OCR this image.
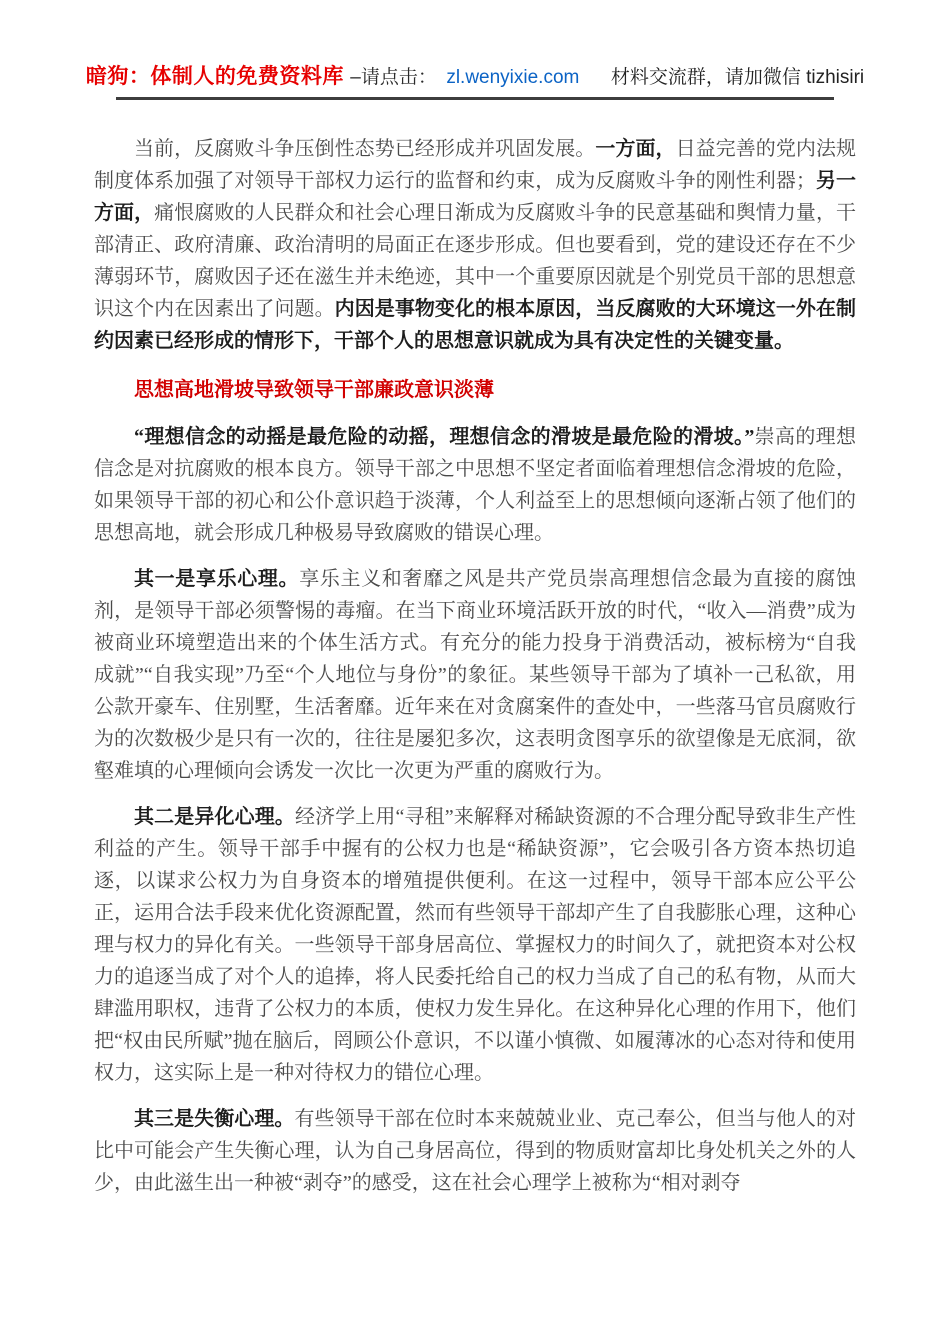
暗狗：体制人的免费资料库 –请点击： zl.wenyixie.com 材料交流群，请加微信 tizhisiri

当前，反腐败斗争压倒性态势已经形成并巩固发展。一方面，日益完善的党内法规制度体系加强了对领导干部权力运行的监督和约束，成为反腐败斗争的刚性利器；另一方面，痛恨腐败的人民群众和社会心理日渐成为反腐败斗争的民意基础和舆情力量，干部清正、政府清廉、政治清明的局面正在逐步形成。但也要看到，党的建设还存在不少薄弱环节，腐败因子还在滋生并未绝迹，其中一个重要原因就是个别党员干部的思想意识这个内在因素出了问题。内因是事物变化的根本原因，当反腐败的大环境这一外在制约因素已经形成的情形下，干部个人的思想意识就成为具有决定性的关键变量。

思想高地滑坡导致领导干部廉政意识淡薄

“理想信念的动摇是最危险的动摇，理想信念的滑坡是最危险的滑坡。”崇高的理想信念是对抗腐败的根本良方。领导干部之中思想不坚定者面临着理想信念滑坡的危险，如果领导干部的初心和公仆意识趋于淡薄，个人利益至上的思想倾向逐渐占领了他们的思想高地，就会形成几种极易导致腐败的错误心理。

其一是享乐心理。享乐主义和奢靡之风是共产党员崇高理想信念最为直接的腐蚀剂，是领导干部必须警惕的毒瘤。在当下商业环境活跃开放的时代，“收入—消费”成为被商业环境塑造出来的个体生活方式。有充分的能力投身于消费活动，被标榜为“自我成就”“自我实现”乃至“个人地位与身份”的象征。某些领导干部为了填补一己私欲，用公款开豪车、住别墅，生活奢靡。近年来在对贪腐案件的查处中，一些落马官员腐败行为的次数极少是只有一次的，往往是屡犯多次，这表明贪图享乐的欲望像是无底洞，欲壑难填的心理倾向会诱发一次比一次更为严重的腐败行为。

其二是异化心理。经济学上用“寻租”来解释对稀缺资源的不合理分配导致非生产性利益的产生。领导干部手中握有的公权力也是“稀缺资源”，它会吸引各方资本热切追逐，以谋求公权力为自身资本的增殖提供便利。在这一过程中，领导干部本应公平公正，运用合法手段来优化资源配置，然而有些领导干部却产生了自我膨胀心理，这种心理与权力的异化有关。一些领导干部身居高位、掌握权力的时间久了，就把资本对公权力的追逐当成了对个人的追捧，将人民委托给自己的权力当成了自己的私有物，从而大肆滥用职权，违背了公权力的本质，使权力发生异化。在这种异化心理的作用下，他们把“权由民所赋”抛在脑后，罔顾公仆意识，不以谨小慎微、如履薄冰的心态对待和使用权力，这实际上是一种对待权力的错位心理。

其三是失衡心理。有些领导干部在位时本来兢兢业业、克己奉公，但当与他人的对比中可能会产生失衡心理，认为自己身居高位，得到的物质财富却比身处机关之外的人少，由此滋生出一种被“剥夺”的感受，这在社会心理学上被称为“相对剥夺
